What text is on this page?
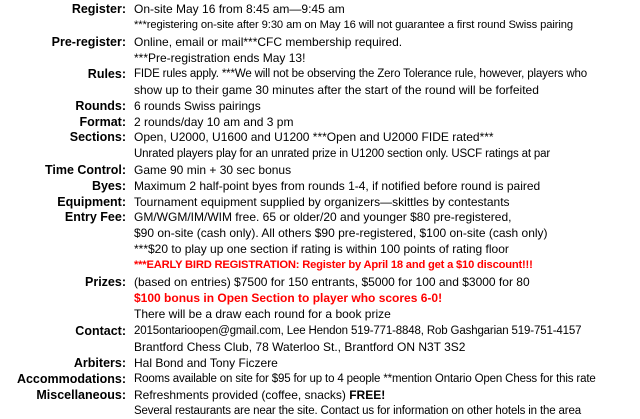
Register: On-site May 16 from 8:45 am—9:45 am
***registering on-site after 9:30 am on May 16 will not guarantee a first round Swiss pairing
Pre-register: Online, email or mail***CFC membership required.
***Pre-registration ends May 13!
Rules: FIDE rules apply. ***We will not be observing the Zero Tolerance rule, however, players who
show up to their game 30 minutes after the start of the round will be forfeited
Rounds: 6 rounds Swiss pairings
Format: 2 rounds/day 10 am and 3 pm
Sections: Open, U2000, U1600 and U1200 ***Open and U2000 FIDE rated***
Unrated players play for an unrated prize in U1200 section only. USCF ratings at par
Time Control: Game 90 min + 30 sec bonus
Byes: Maximum 2 half-point byes from rounds 1-4, if notified before round is paired
Equipment: Tournament equipment supplied by organizers—skittles by contestants
Entry Fee: GM/WGM/IM/WIM free. 65 or older/20 and younger $80 pre-registered,
$90 on-site (cash only). All others $90 pre-registered, $100 on-site (cash only)
***$20 to play up one section if rating is within 100 points of rating floor
***EARLY BIRD REGISTRATION: Register by April 18 and get a $10 discount!!!
Prizes: (based on entries) $7500 for 150 entrants, $5000 for 100 and $3000 for 80
$100 bonus in Open Section to player who scores 6-0!
There will be a draw each round for a book prize
Contact: 2015ontarioopen@gmail.com, Lee Hendon 519-771-8848, Rob Gashgarian 519-751-4157
Brantford Chess Club, 78 Waterloo St., Brantford ON N3T 3S2
Arbiters: Hal Bond and Tony Ficzere
Accommodations: Rooms available on site for $95 for up to 4 people **mention Ontario Open Chess for this rate
Miscellaneous: Refreshments provided (coffee, snacks) FREE!
Several restaurants are near the site. Contact us for information on other hotels in the area
